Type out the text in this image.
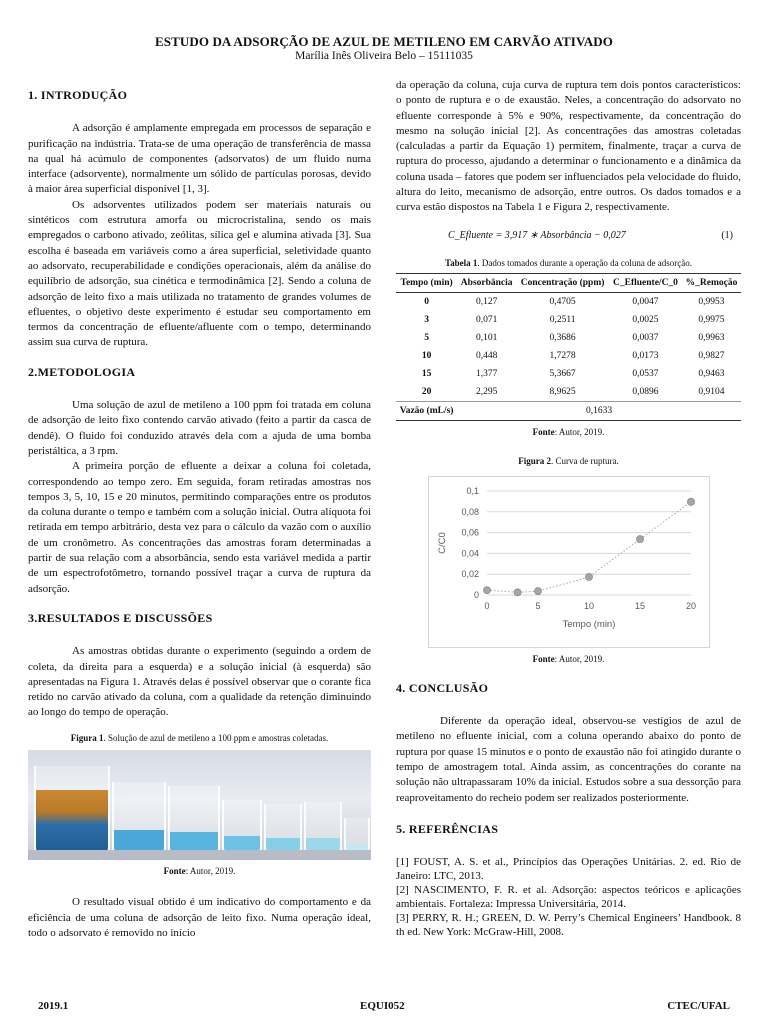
ESTUDO DA ADSORÇÃO DE AZUL DE METILENO EM CARVÃO ATIVADO
Marília Inês Oliveira Belo – 15111035
1. INTRODUÇÃO

A adsorção é amplamente empregada em processos de separação e purificação na indústria. Trata-se de uma operação de transferência de massa na qual há acúmulo de componentes (adsorvatos) de um fluido numa interface (adsorvente), normalmente um sólido de partículas porosas, devido à maior área superficial disponível [1, 3].

Os adsorventes utilizados podem ser materiais naturais ou sintéticos com estrutura amorfa ou microcristalina, sendo os mais empregados o carbono ativado, zeólitas, sílica gel e alumina ativada [3]. Sua escolha é baseada em variáveis como a área superficial, seletividade quanto ao adsorvato, recuperabilidade e condições operacionais, além da análise do equilíbrio de adsorção, sua cinética e termodinâmica [2]. Sendo a coluna de adsorção de leito fixo a mais utilizada no tratamento de grandes volumes de efluentes, o objetivo deste experimento é estudar seu comportamento em termos da concentração de efluente/afluente com o tempo, determinando assim sua curva de ruptura.

2.METODOLOGIA

Uma solução de azul de metileno a 100 ppm foi tratada em coluna de adsorção de leito fixo contendo carvão ativado (feito a partir da casca de dendê). O fluido foi conduzido através dela com a ajuda de uma bomba peristáltica, a 3 rpm.

A primeira porção de efluente a deixar a coluna foi coletada, correspondendo ao tempo zero. Em seguida, foram retiradas amostras nos tempos 3, 5, 10, 15 e 20 minutos, permitindo comparações entre os produtos da coluna durante o tempo e também com a solução inicial. Outra alíquota foi retirada em tempo arbitrário, desta vez para o cálculo da vazão com o auxílio de um cronômetro. As concentrações das amostras foram determinadas a partir de sua relação com a absorbância, sendo esta variável medida a partir de um espectrofotômetro, tornando possível traçar a curva de ruptura da adsorção.

3.RESULTADOS E DISCUSSÕES

As amostras obtidas durante o experimento (seguindo a ordem de coleta, da direita para a esquerda) e a solução inicial (à esquerda) são apresentadas na Figura 1. Através delas é possível observar que o corante fica retido no carvão ativado da coluna, com a qualidade da retenção diminuindo ao longo do tempo de operação.

Figura 1. Solução de azul de metileno a 100 ppm e amostras coletadas.
Fonte: Autor, 2019.

O resultado visual obtido é um indicativo do comportamento e da eficiência de uma coluna de adsorção de leito fixo. Numa operação ideal, todo o adsorvato é removido no início

da operação da coluna, cuja curva de ruptura tem dois pontos característicos: o ponto de ruptura e o de exaustão. Neles, a concentração do adsorvato no efluente corresponde à 5% e 90%, respectivamente, da concentração do mesmo na solução inicial [2]. As concentrações das amostras coletadas (calculadas a partir da Equação 1) permitem, finalmente, traçar a curva de ruptura do processo, ajudando a determinar o funcionamento e a dinâmica da coluna usada – fatores que podem ser influenciados pela velocidade do fluido, altura do leito, mecanismo de adsorção, entre outros. Os dados tomados e a curva estão dispostos na Tabela 1 e Figura 2, respectivamente.

C_Efluente = 3,917 ∗ Absorbância − 0,027	(1)
Tabela 1. Dados tomados durante a operação da coluna de adsorção.
Tempo (min)	Absorbância	Concentração (ppm)	C_Efluente/C_0	%_Remoção
0	0,127	0,4705	0,0047	0,9953
3	0,071	0,2511	0,0025	0,9975
5	0,101	0,3686	0,0037	0,9963
10	0,448	1,7278	0,0173	0,9827
15	1,377	5,3667	0,0537	0,9463
20	2,295	8,9625	0,0896	0,9104
Vazão (mL/s)	0,1633			
Fonte: Autor, 2019.
Figura 2. Curva de ruptura.
0
0,02
0,04
0,06
0,08
0,1
0	5	10	15	20
Tempo (min)
C/C0
Fonte: Autor, 2019.
4. CONCLUSÃO

Diferente da operação ideal, observou-se vestígios de azul de metileno no efluente inicial, com a coluna operando abaixo do ponto de ruptura por quase 15 minutos e o ponto de exaustão não foi atingido durante o tempo de amostragem total. Ainda assim, as concentrações do corante na solução não ultrapassaram 10% da inicial. Estudos sobre a sua dessorção para reaproveitamento do recheio podem ser realizados posteriormente.

5. REFERÊNCIAS
[1] FOUST, A. S. et al., Princípios das Operações Unitárias. 2. ed. Rio de Janeiro: LTC, 2013.
[2] NASCIMENTO, F. R. et al. Adsorção: aspectos teóricos e aplicações ambientais. Fortaleza: Impressa Universitária, 2014.
[3] PERRY, R. H.; GREEN, D. W. Perry’s Chemical Engineers’ Handbook. 8 th ed. New York: McGraw-Hill, 2008.
2019.1	EQUI052	CTEC/UFAL
